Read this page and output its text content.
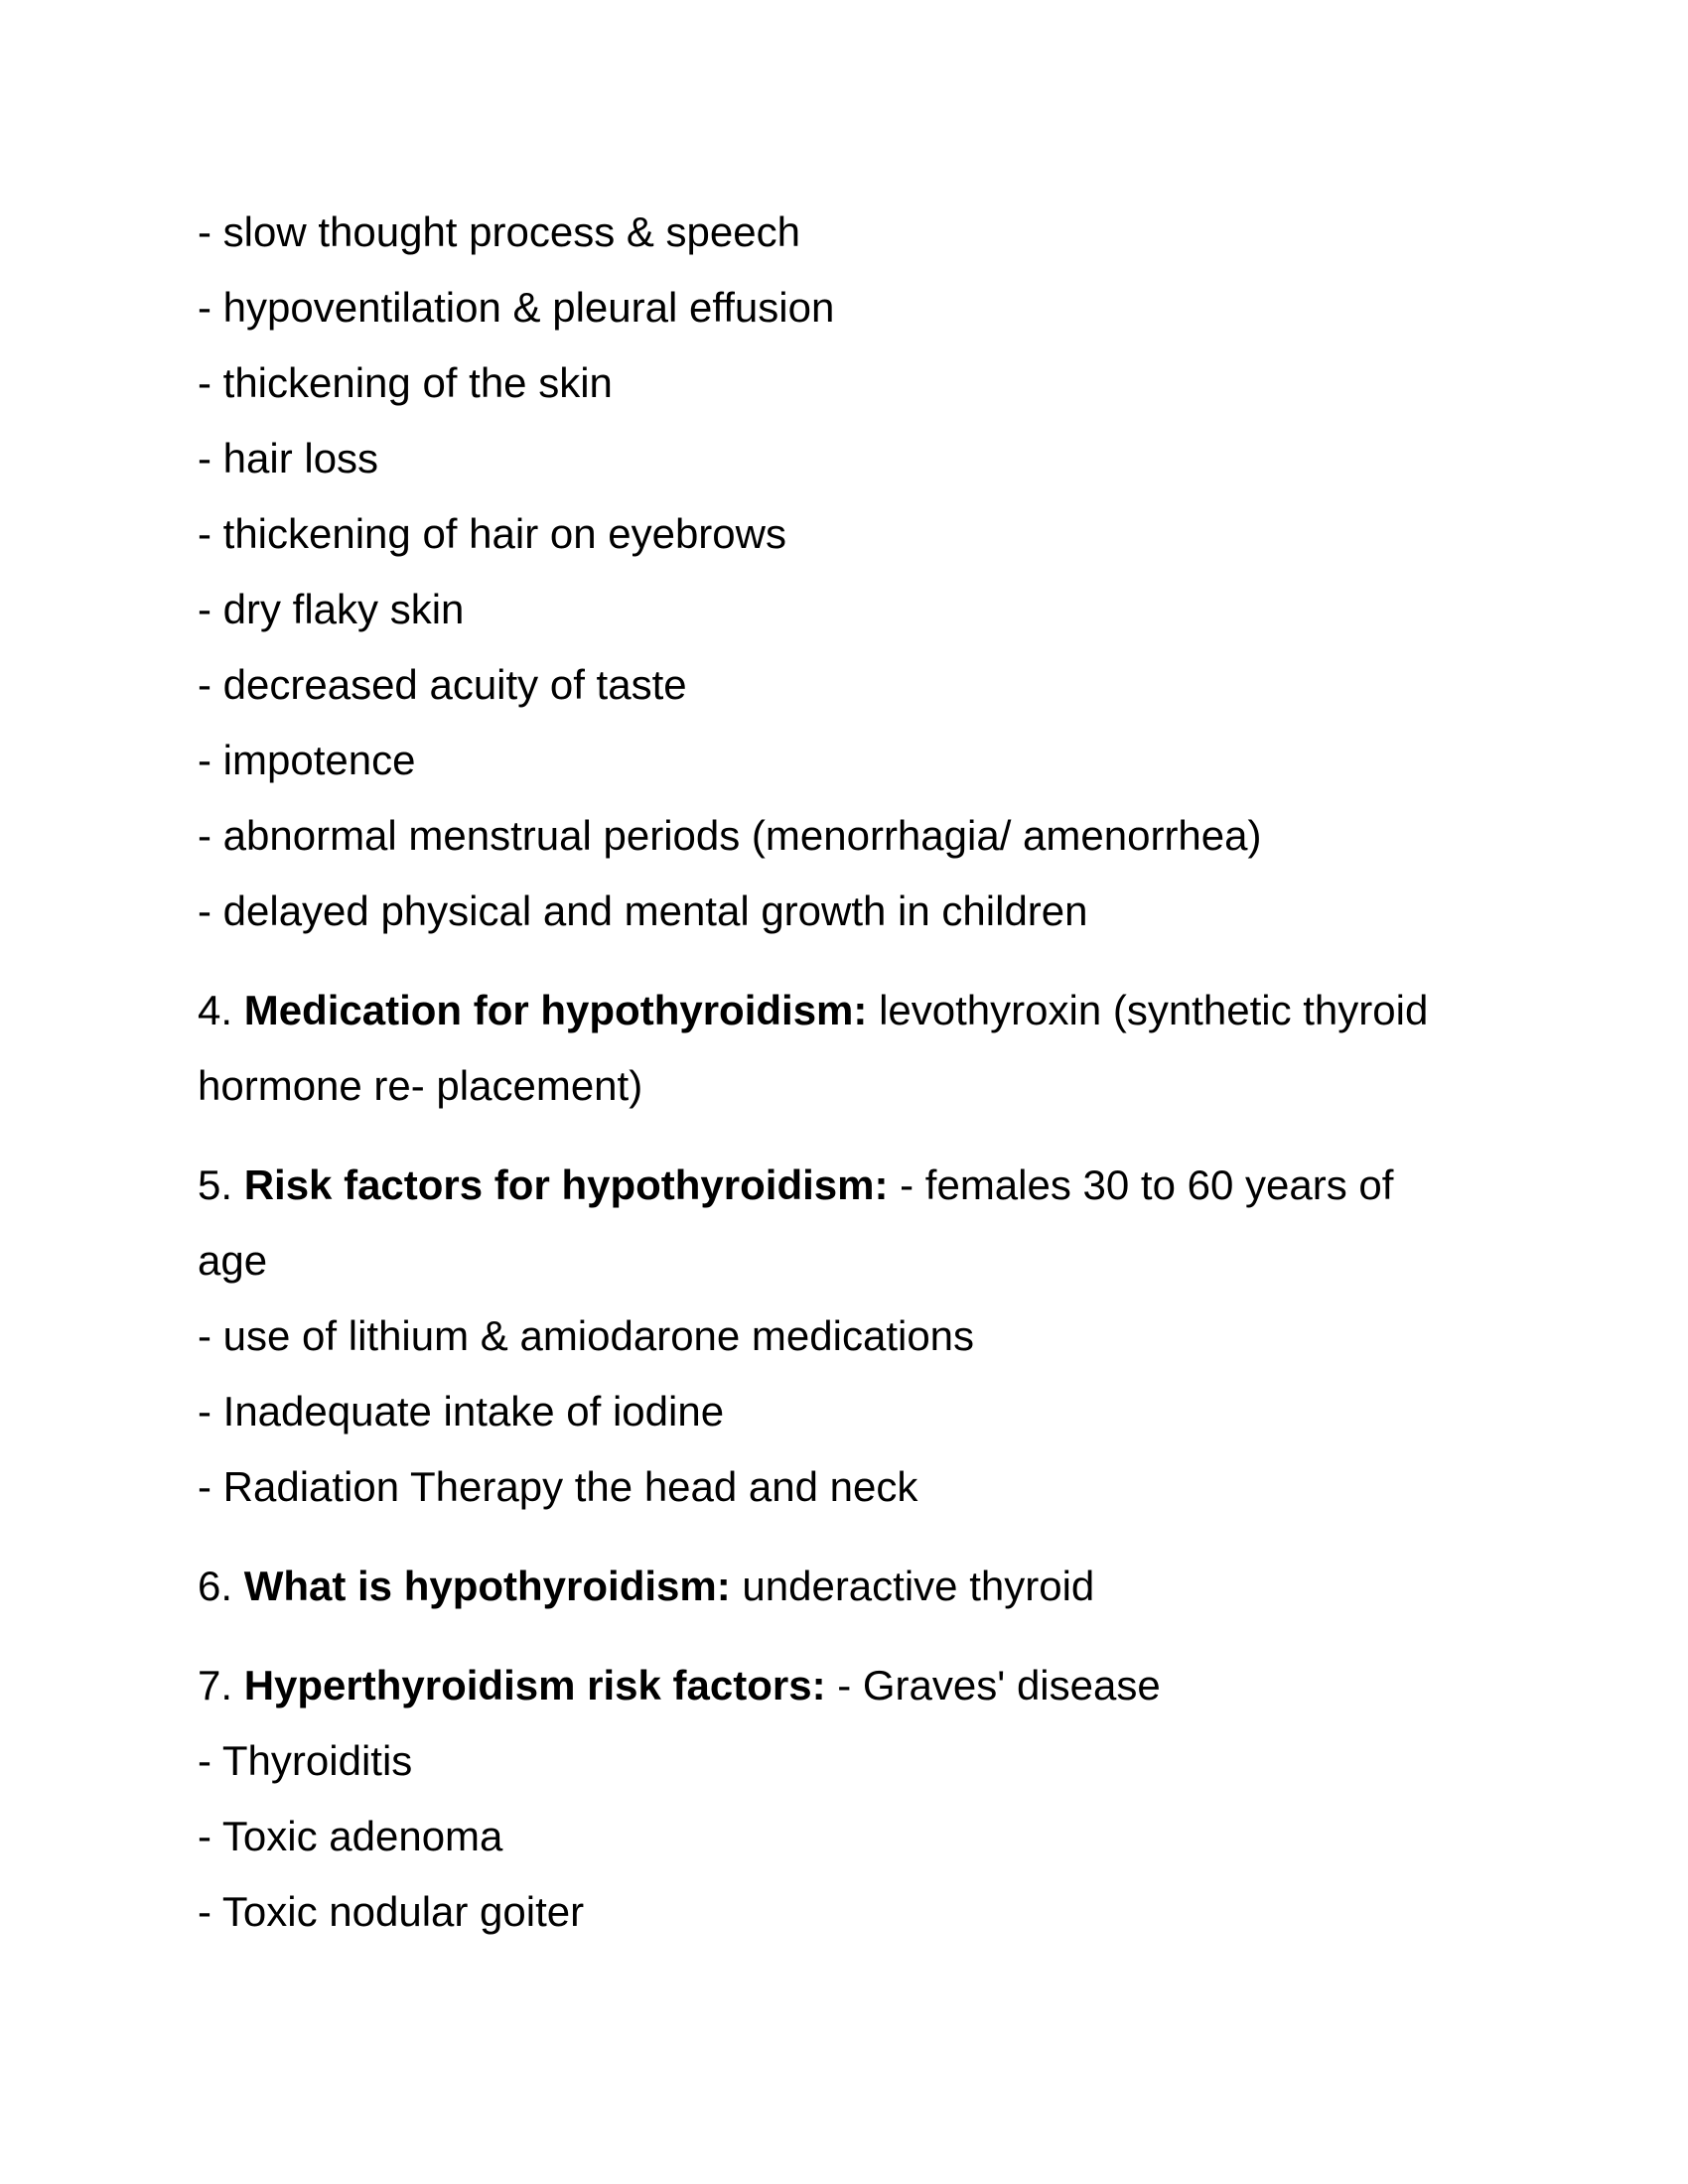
- slow thought process & speech
- hypoventilation & pleural effusion
- thickening of the skin
- hair loss
- thickening of hair on eyebrows
- dry flaky skin
- decreased acuity of taste
- impotence
- abnormal menstrual periods (menorrhagia/ amenorrhea)
- delayed physical and mental growth in children
4. Medication for hypothyroidism: levothyroxin (synthetic thyroid
hormone re- placement)
5. Risk factors for hypothyroidism: - females 30 to 60 years of
age
- use of lithium & amiodarone medications
- Inadequate intake of iodine
- Radiation Therapy the head and neck
6. What is hypothyroidism: underactive thyroid
7. Hyperthyroidism risk factors: - Graves' disease
- Thyroiditis
- Toxic adenoma
- Toxic nodular goiter
